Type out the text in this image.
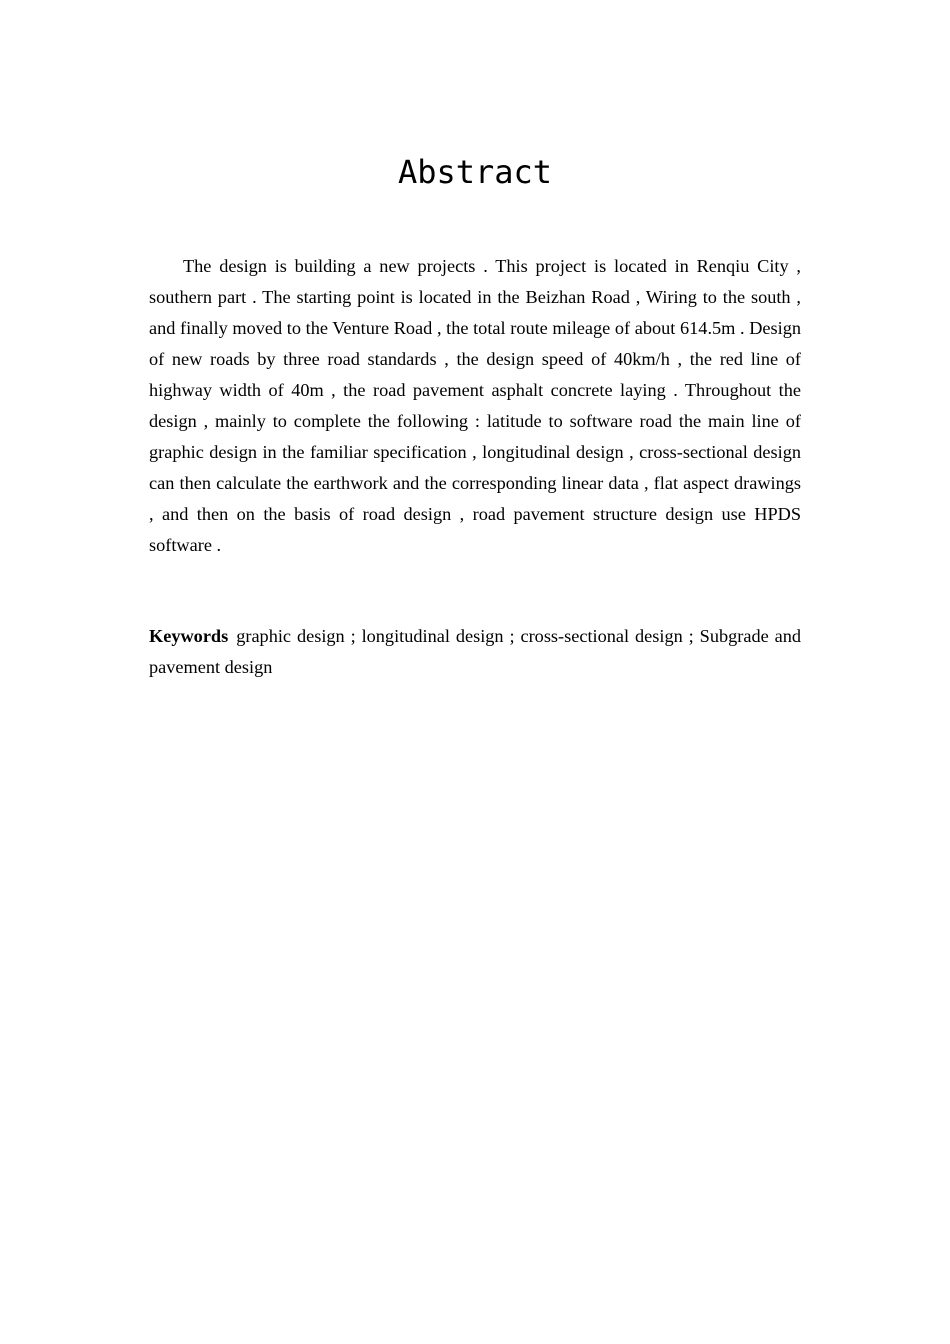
Abstract

The design is building a new projects . This project is located in Renqiu City , southern part . The starting point is located in the Beizhan Road , Wiring to the south , and finally moved to the Venture Road , the total route mileage of about 614.5m . Design of new roads by three road standards , the design speed of 40km/h , the red line of highway width of 40m , the road pavement asphalt concrete laying . Throughout the design , mainly to complete the following : latitude to software road the main line of graphic design in the familiar specification , longitudinal design , cross-sectional design can then calculate the earthwork and the corresponding linear data , flat aspect drawings , and then on the basis of road design , road pavement structure design use HPDS software .

Keywords graphic design ; longitudinal design ; cross-sectional design ; Subgrade and pavement design
